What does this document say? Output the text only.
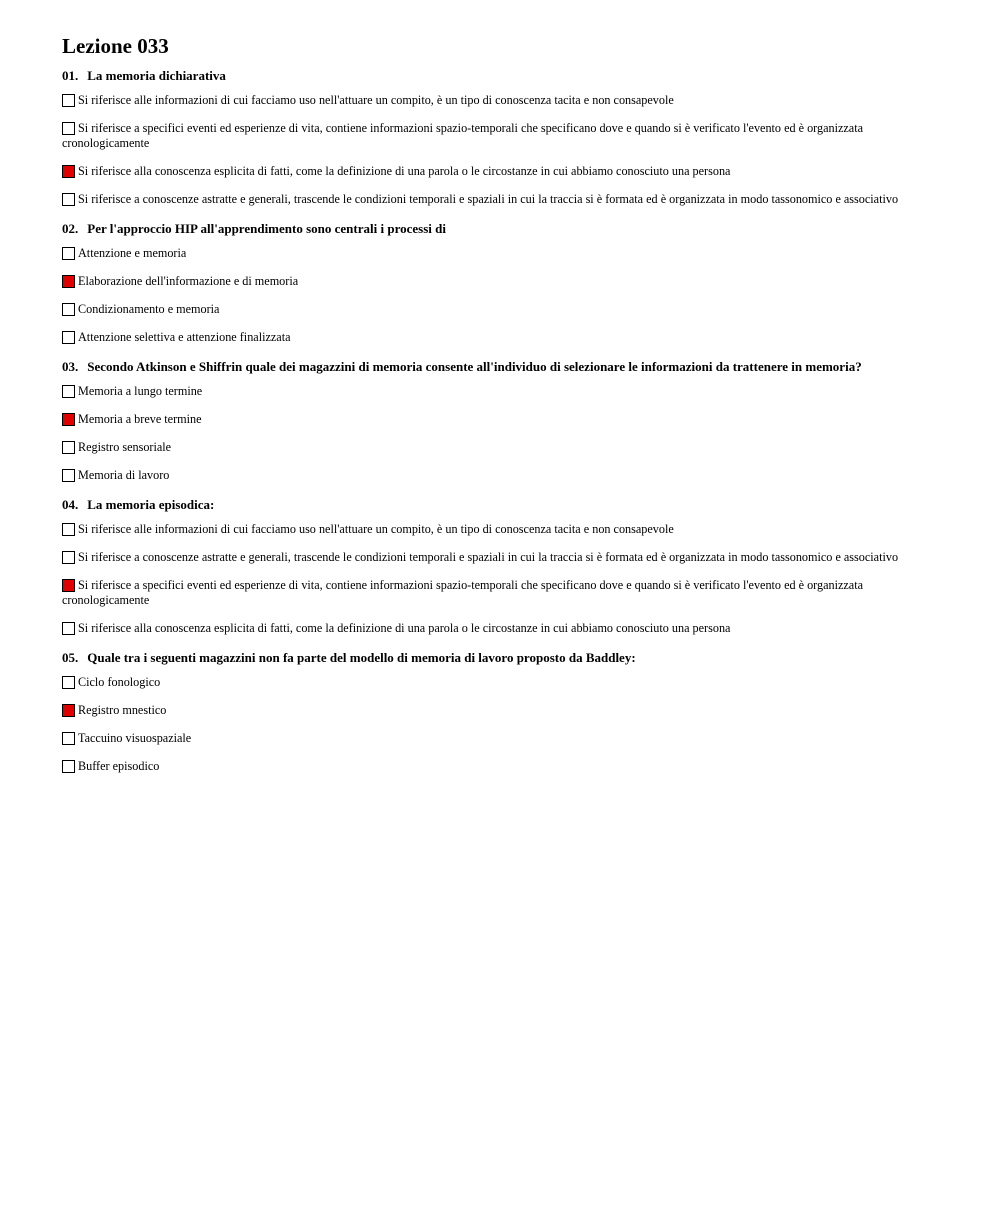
Lezione 033
01. La memoria dichiarativa
Si riferisce alle informazioni di cui facciamo uso nell'attuare un compito, è un tipo di conoscenza tacita e non consapevole
Si riferisce a specifici eventi ed esperienze di vita, contiene informazioni spazio-temporali che specificano dove e quando si è verificato l'evento ed è organizzata cronologicamente
Si riferisce alla conoscenza esplicita di fatti, come la definizione di una parola o le circostanze in cui abbiamo conosciuto una persona
Si riferisce a conoscenze astratte e generali, trascende le condizioni temporali e spaziali in cui la traccia si è formata ed è organizzata in modo tassonomico e associativo
02. Per l'approccio HIP all'apprendimento sono centrali i processi di
Attenzione e memoria
Elaborazione dell'informazione e di memoria
Condizionamento e memoria
Attenzione selettiva e attenzione finalizzata
03. Secondo Atkinson e Shiffrin quale dei magazzini di memoria consente all'individuo di selezionare le informazioni da trattenere in memoria?
Memoria a lungo termine
Memoria a breve termine
Registro sensoriale
Memoria di lavoro
04. La memoria episodica:
Si riferisce alle informazioni di cui facciamo uso nell'attuare un compito, è un tipo di conoscenza tacita e non consapevole
Si riferisce a conoscenze astratte e generali, trascende le condizioni temporali e spaziali in cui la traccia si è formata ed è organizzata in modo tassonomico e associativo
Si riferisce a specifici eventi ed esperienze di vita, contiene informazioni spazio-temporali che specificano dove e quando si è verificato l'evento ed è organizzata cronologicamente
Si riferisce alla conoscenza esplicita di fatti, come la definizione di una parola o le circostanze in cui abbiamo conosciuto una persona
05. Quale tra i seguenti magazzini non fa parte del modello di memoria di lavoro proposto da Baddley:
Ciclo fonologico
Registro mnestico
Taccuino visuospaziale
Buffer episodico
